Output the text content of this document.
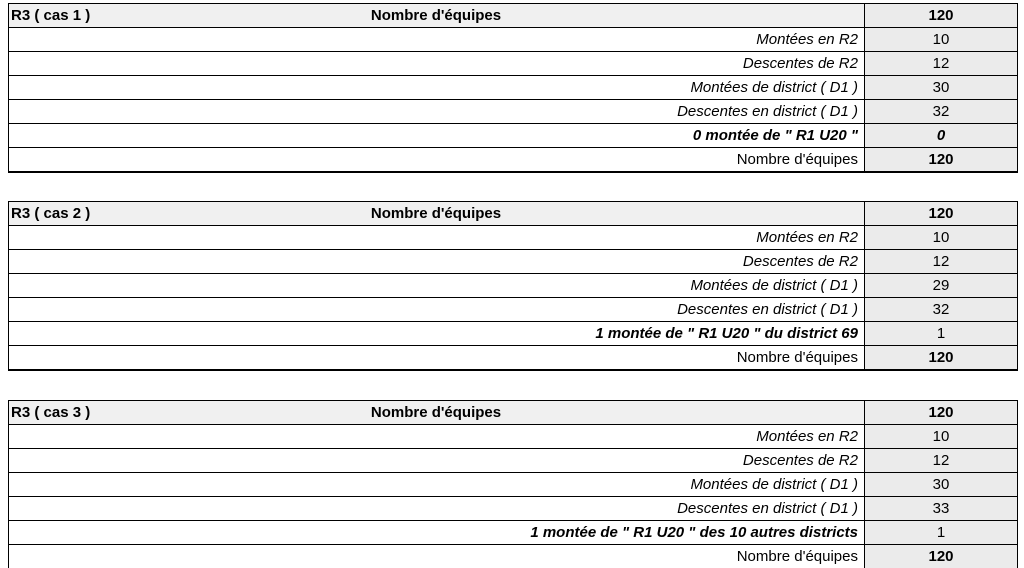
R3 ( cas 1 )	Nombre d'équipes	120
Montées en R2	10
Descentes de R2	12
Montées de district ( D1 )	30
Descentes en district ( D1 )	32
0 montée de " R1 U20 "	0
Nombre d'équipes	120
R3 ( cas 2 )	Nombre d'équipes	120
Montées en R2	10
Descentes de R2	12
Montées de district ( D1 )	29
Descentes en district ( D1 )	32
1 montée de " R1 U20 " du district 69	1
Nombre d'équipes	120
R3 ( cas 3 )	Nombre d'équipes	120
Montées en R2	10
Descentes de R2	12
Montées de district ( D1 )	30
Descentes en district ( D1 )	33
1 montée de " R1 U20 " des 10 autres districts	1
Nombre d'équipes	120
